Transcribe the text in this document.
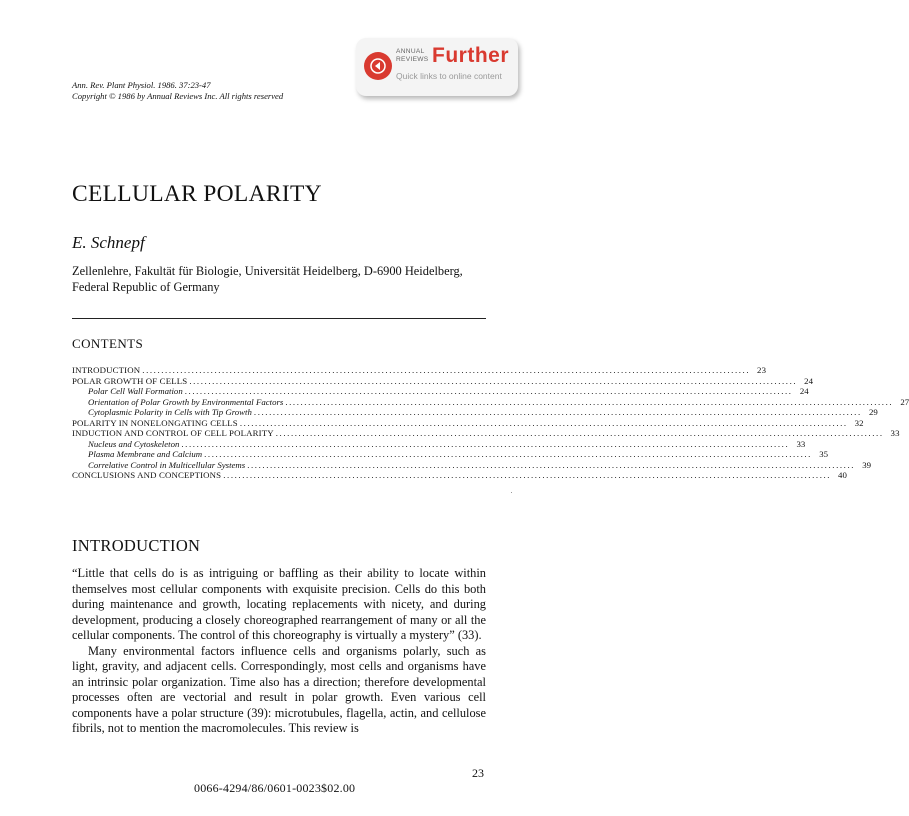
Ann. Rev. Plant Physiol. 1986. 37:23-47
Copyright © 1986 by Annual Reviews Inc. All rights reserved
ANNUAL
REVIEWS Further
Quick links to online content
CELLULAR POLARITY
E. Schnepf
Zellenlehre, Fakultät für Biologie, Universität Heidelberg, D-6900 Heidelberg, Federal Republic of Germany
CONTENTS
INTRODUCTION ................................................................................................................................................................ 23
POLAR GROWTH OF CELLS ................................................................................................................................................................ 24
Polar Cell Wall Formation ................................................................................................................................................................ 24
Orientation of Polar Growth by Environmental Factors ................................................................................................................................................................ 27
Cytoplasmic Polarity in Cells with Tip Growth ................................................................................................................................................................ 29
POLARITY IN NONELONGATING CELLS ................................................................................................................................................................ 32
INDUCTION AND CONTROL OF CELL POLARITY ................................................................................................................................................................ 33
Nucleus and Cytoskeleton ................................................................................................................................................................ 33
Plasma Membrane and Calcium ................................................................................................................................................................ 35
Correlative Control in Multicellular Systems ................................................................................................................................................................ 39
CONCLUSIONS AND CONCEPTIONS ................................................................................................................................................................ 40
INTRODUCTION

“Little that cells do is as intriguing or baffling as their ability to locate within themselves most cellular components with exquisite precision. Cells do this both during maintenance and growth, locating replacements with nicety, and during development, producing a closely choreographed rearrangement of many or all the cellular components. The control of this choreography is virtually a mystery” (33).

Many environmental factors influence cells and organisms polarly, such as light, gravity, and adjacent cells. Correspondingly, most cells and organisms have an intrinsic polar organization. Time also has a direction; therefore developmental processes often are vectorial and result in polar growth. Even various cell components have a polar structure (39): microtubules, flagella, actin, and cellulose fibrils, not to mention the macromolecules. This review is

23
0066-4294/86/0601-0023$02.00
